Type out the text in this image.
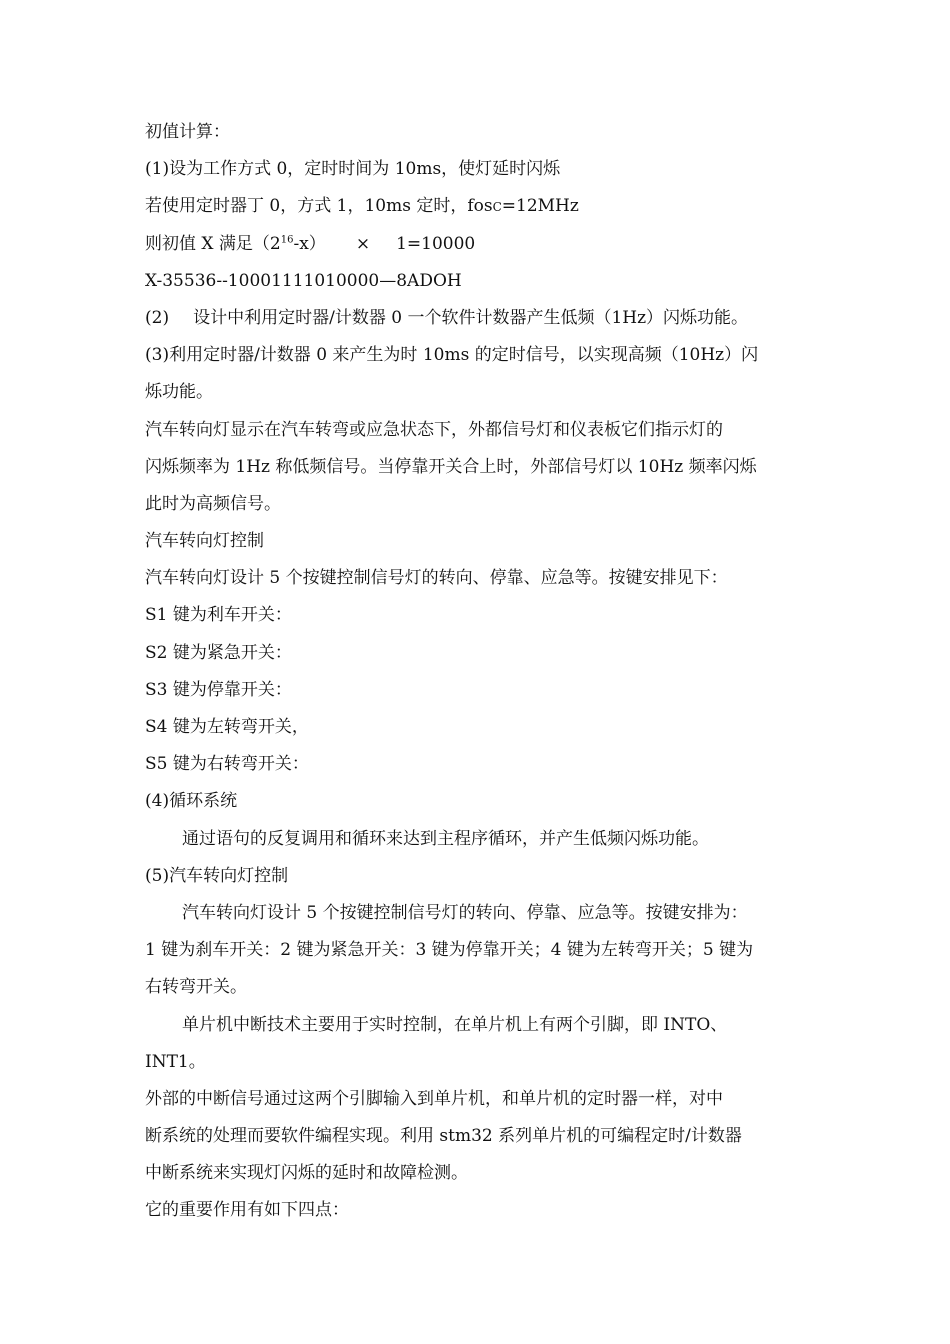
初值计算：
(1)设为工作方式 0，定时时间为 10ms，使灯延时闪烁
若使用定时器丁 0，方式 1，10ms 定时，fosC=12MHz
则初值 X 满足$(2^{16}-x) \times 1=10000$
X-35536--10001111010000—8ADOH
(2) 设计中利用定时器/计数器 0 一个软件计数器产生低频（1Hz）闪烁功能。
(3)利用定时器/计数器 0 来产生为时 10ms 的定时信号，以实现高频（10Hz）闪
烁功能。
汽车转向灯显示在汽车转弯或应急状态下，外都信号灯和仪表板它们指示灯的
闪烁频率为 1Hz 称低频信号。当停靠开关合上时，外部信号灯以 10Hz 频率闪烁
此时为高频信号。
汽车转向灯控制
汽车转向灯设计 5 个按键控制信号灯的转向、停靠、应急等。按键安排见下：
S1 键为利车开关：
S2 键为紧急开关：
S3 键为停靠开关：
S4 键为左转弯开关，
S5 键为右转弯开关：
(4)循环系统
通过语句的反复调用和循环来达到主程序循环，并产生低频闪烁功能。
(5)汽车转向灯控制
汽车转向灯设计 5 个按键控制信号灯的转向、停靠、应急等。按键安排为：
1 键为刹车开关：2 键为紧急开关：3 键为停靠开关；4 键为左转弯开关；5 键为
右转弯开关。
单片机中断技术主要用于实时控制，在单片机上有两个引脚，即 INTO、
INT1。
外部的中断信号通过这两个引脚输入到单片机，和单片机的定时器一样，对中
断系统的处理而要软件编程实现。利用 stm32 系列单片机的可编程定时/计数器
中断系统来实现灯闪烁的延时和故障检测。
它的重要作用有如下四点：
